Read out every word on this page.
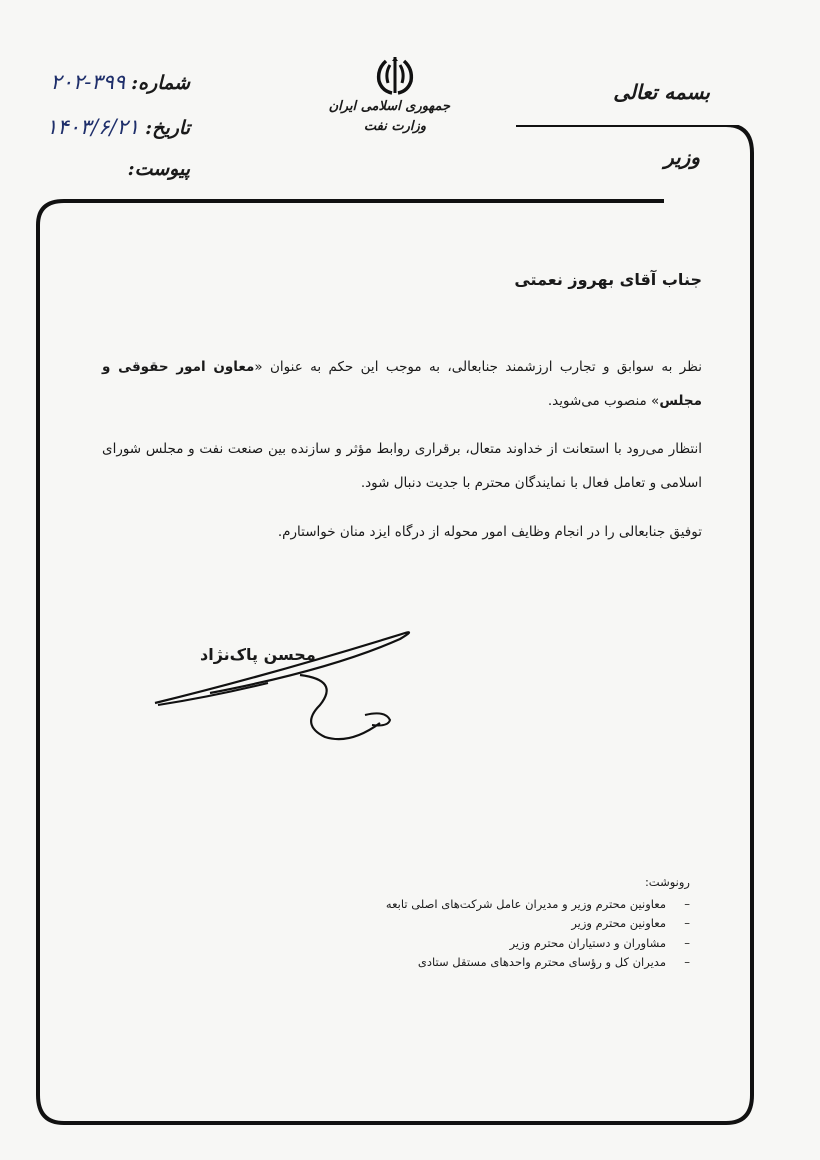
شماره:
۲۰۲-۳۹۹
تاریخ:
۱۴۰۳/۶/۲۱
پیوست:
جمهوری اسلامی ایران
وزارت نفت
بسمه تعالی
وزیر
جناب آقای بهروز نعمتی
نظر به سوابق و تجارب ارزشمند جنابعالی، به موجب این حکم به عنوان «معاون امور حقوقی و مجلس» منصوب می‌شوید.
انتظار می‌رود با استعانت از خداوند متعال، برقراری روابط مؤثر و سازنده بین صنعت نفت و مجلس شورای اسلامی و تعامل فعال با نمایندگان محترم با جدیت دنبال شود.
توفیق جنابعالی را در انجام وظایف امور محوله از درگاه ایزد منان خواستارم.
محسن پاک‌نژاد
رونوشت:
–
معاونین محترم وزیر و مدیران عامل شرکت‌های اصلی تابعه
–
معاونین محترم وزیر
–
مشاوران و دستیاران محترم وزیر
–
مدیران کل و رؤسای محترم واحدهای مستقل ستادی
